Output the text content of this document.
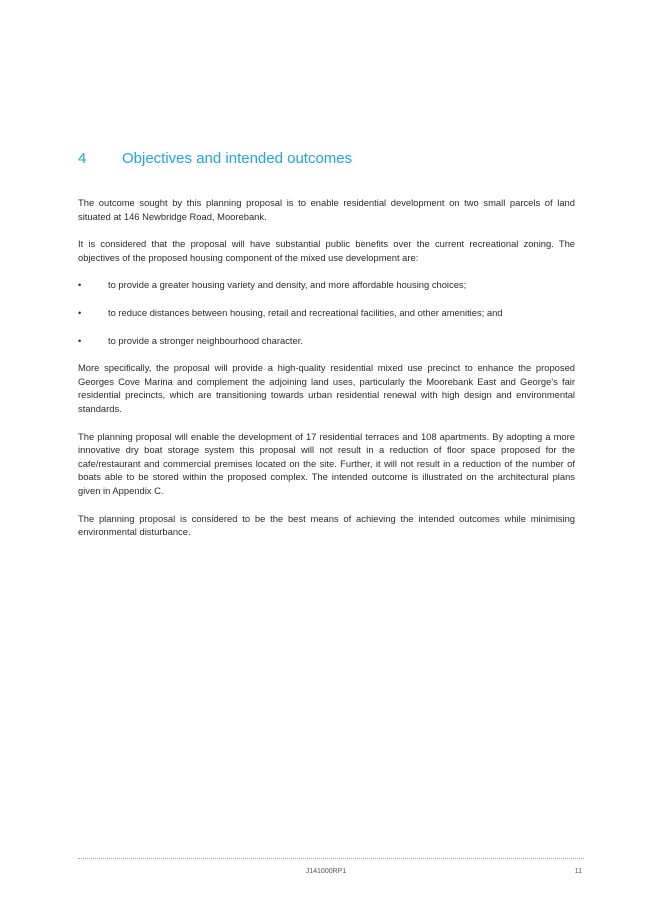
4	Objectives and intended outcomes

The outcome sought by this planning proposal is to enable residential development on two small parcels of land situated at 146 Newbridge Road, Moorebank.

It is considered that the proposal will have substantial public benefits over the current recreational zoning. The objectives of the proposed housing component of the mixed use development are:

•	to provide a greater housing variety and density, and more affordable housing choices;
•	to reduce distances between housing, retail and recreational facilities, and other amenities; and
•	to provide a stronger neighbourhood character.

More specifically, the proposal will provide a high-quality residential mixed use precinct to enhance the proposed Georges Cove Marina and complement the adjoining land uses, particularly the Moorebank East and George's fair residential precincts, which are transitioning towards urban residential renewal with high design and environmental standards.

The planning proposal will enable the development of 17 residential terraces and 108 apartments. By adopting a more innovative dry boat storage system this proposal will not result in a reduction of floor space proposed for the cafe/restaurant and commercial premises located on the site. Further, it will not result in a reduction of the number of boats able to be stored within the proposed complex. The intended outcome is illustrated on the architectural plans given in Appendix C.

The planning proposal is considered to be the best means of achieving the intended outcomes while minimising environmental disturbance.

J141000RP1	11
